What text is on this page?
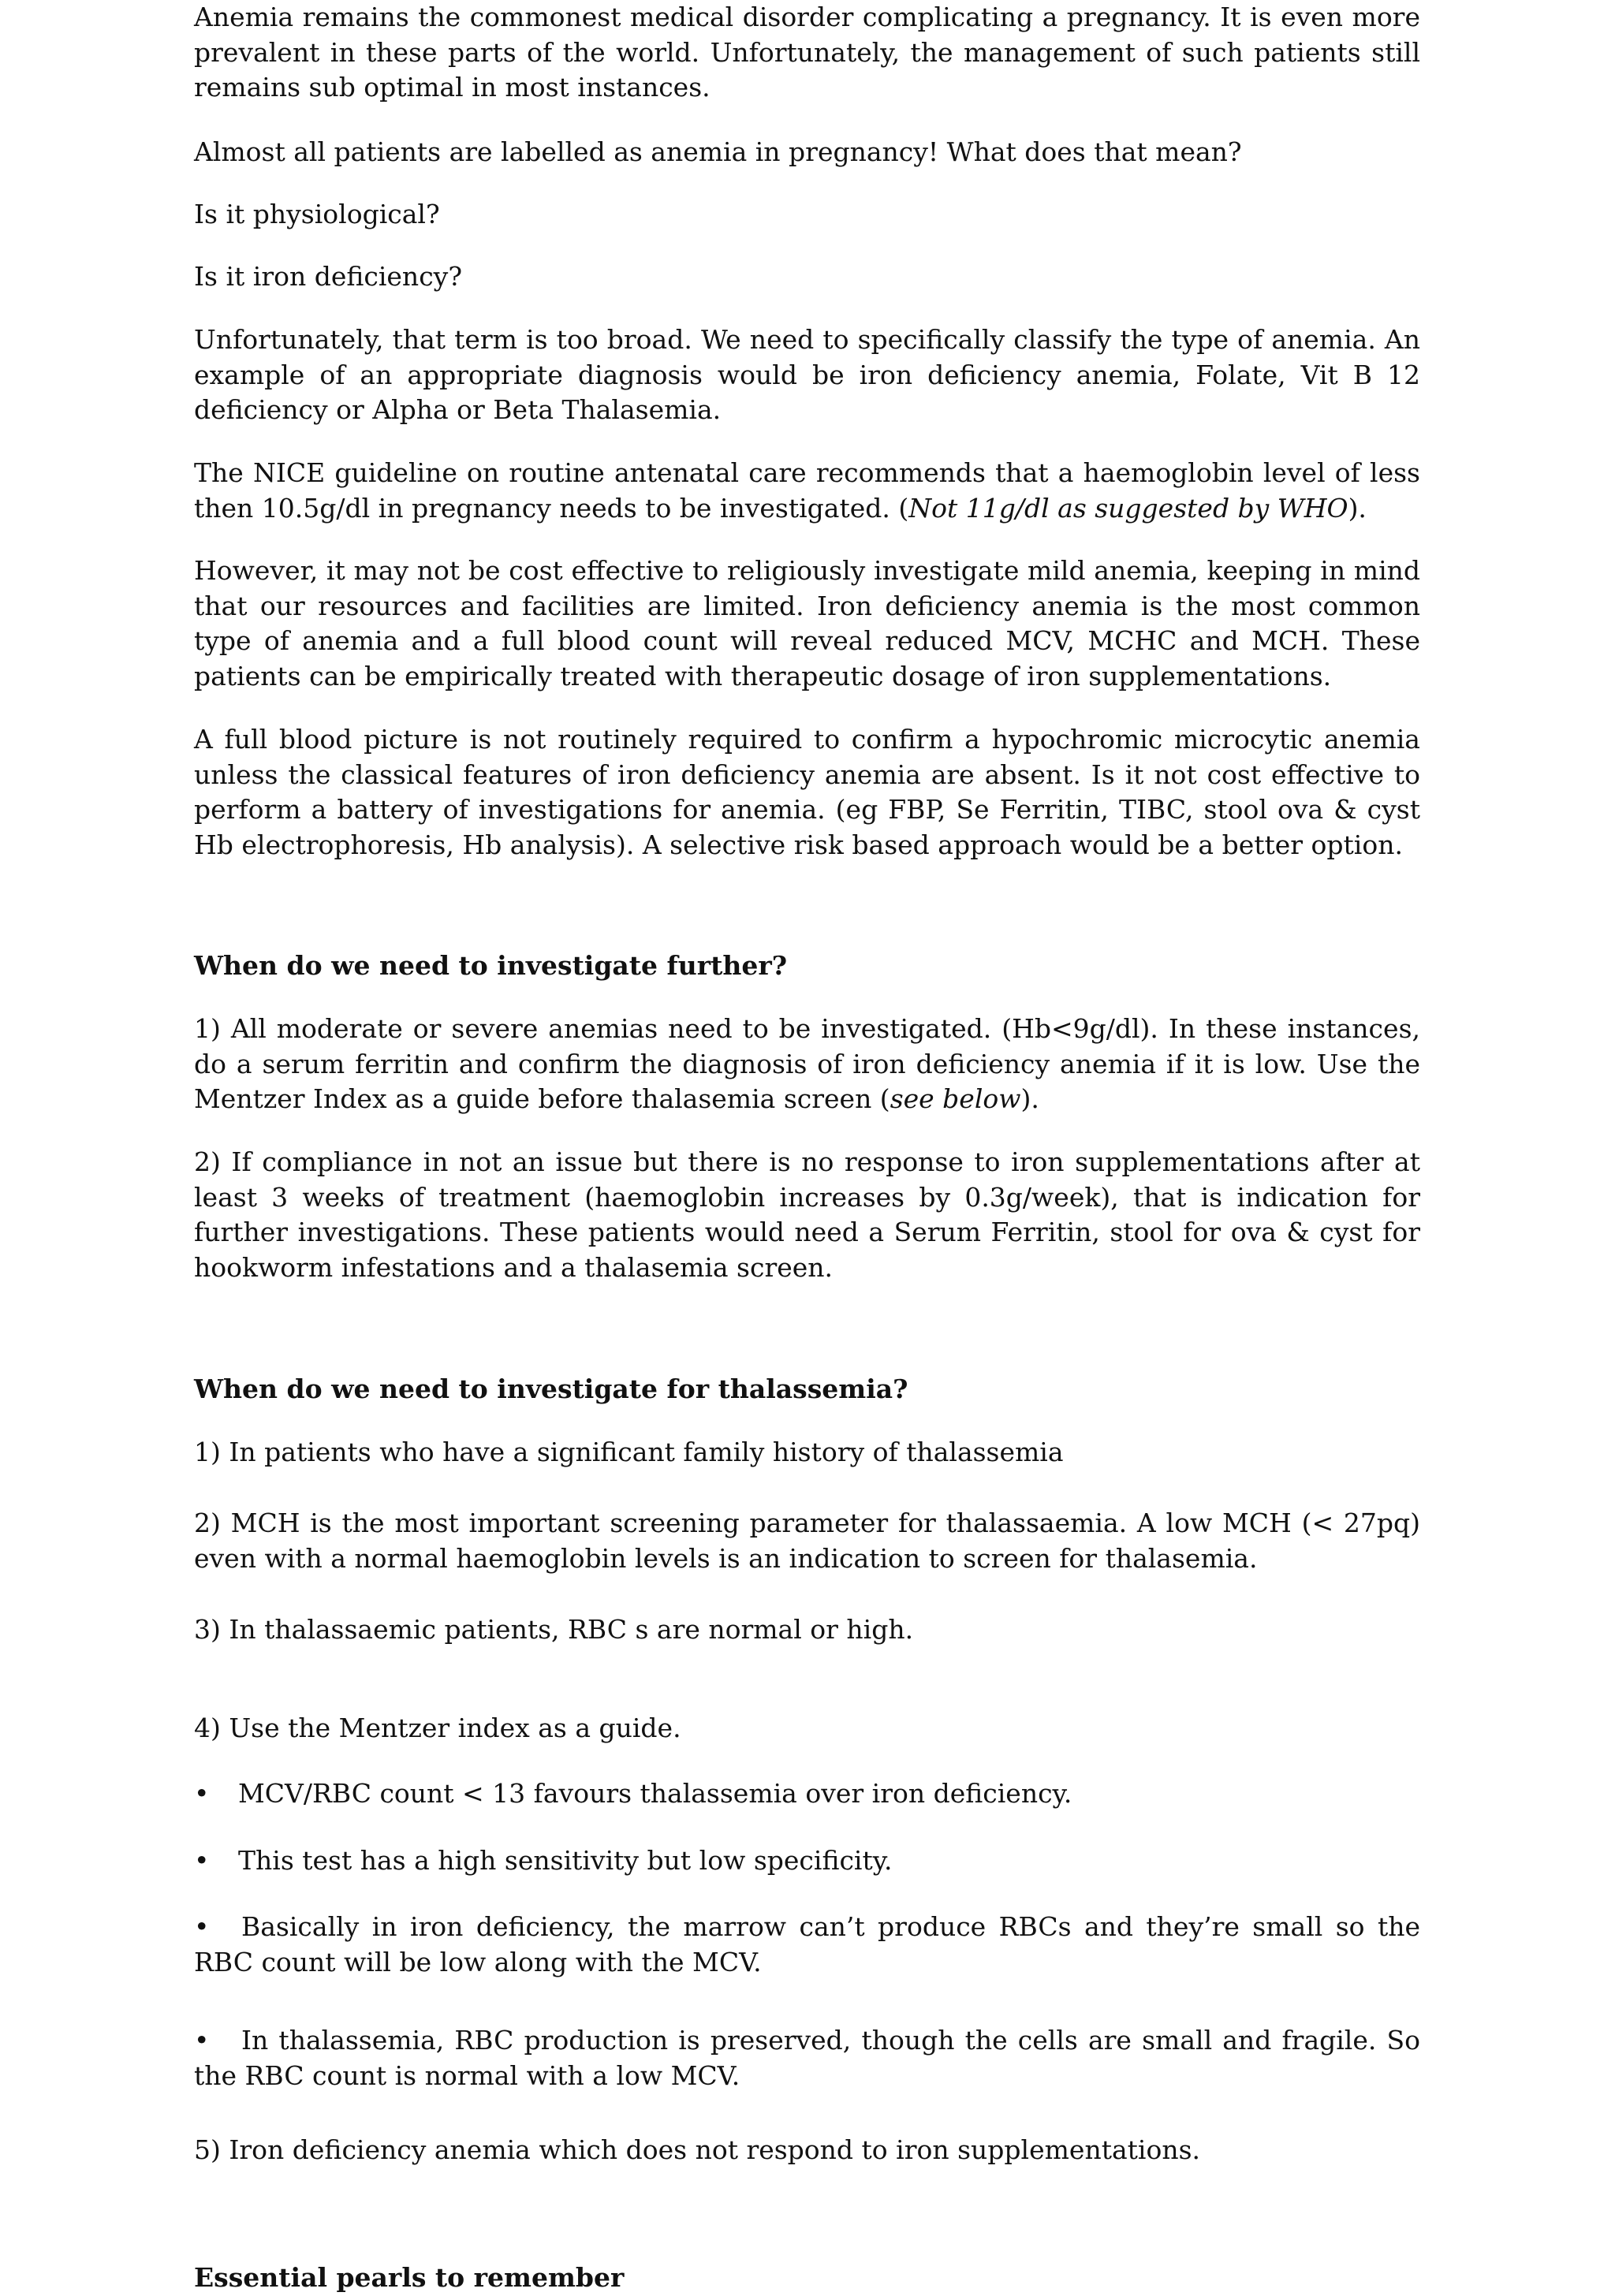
Anemia remains the commonest medical disorder complicating a pregnancy. It is even more prevalent in these parts of the world. Unfortunately, the management of such patients still remains sub optimal in most instances.

Almost all patients are labelled as anemia in pregnancy! What does that mean?

Is it physiological?

Is it iron deficiency?

Unfortunately, that term is too broad. We need to specifically classify the type of anemia. An example of an appropriate diagnosis would be iron deficiency anemia, Folate, Vit B 12 deficiency or Alpha or Beta Thalasemia.

The NICE guideline on routine antenatal care recommends that a haemoglobin level of less then 10.5g/dl in pregnancy needs to be investigated. (Not 11g/dl as suggested by WHO).

However, it may not be cost effective to religiously investigate mild anemia, keeping in mind that our resources and facilities are limited. Iron deficiency anemia is the most common type of anemia and a full blood count will reveal reduced MCV, MCHC and MCH. These patients can be empirically treated with therapeutic dosage of iron supplementations.

A full blood picture is not routinely required to confirm a hypochromic microcytic anemia unless the classical features of iron deficiency anemia are absent. Is it not cost effective to perform a battery of investigations for anemia. (eg FBP, Se Ferritin, TIBC, stool ova & cyst Hb electrophoresis, Hb analysis). A selective risk based approach would be a better option.

When do we need to investigate further?

1) All moderate or severe anemias need to be investigated. (Hb<9g/dl). In these instances, do a serum ferritin and confirm the diagnosis of iron deficiency anemia if it is low. Use the Mentzer Index as a guide before thalasemia screen (see below).

2) If compliance in not an issue but there is no response to iron supplementations after at least 3 weeks of treatment (haemoglobin increases by 0.3g/week), that is indication for further investigations. These patients would need a Serum Ferritin, stool for ova & cyst for hookworm infestations and a thalasemia screen.

When do we need to investigate for thalassemia?

1) In patients who have a significant family history of thalassemia

2) MCH is the most important screening parameter for thalassaemia. A low MCH (< 27pq) even with a normal haemoglobin levels is an indication to screen for thalasemia.

3) In thalassaemic patients, RBC s are normal or high.

4) Use the Mentzer index as a guide.

• MCV/RBC count < 13 favours thalassemia over iron deficiency.

• This test has a high sensitivity but low specificity.

• Basically in iron deficiency, the marrow can’t produce RBCs and they’re small so the RBC count will be low along with the MCV.

• In thalassemia, RBC production is preserved, though the cells are small and fragile. So the RBC count is normal with a low MCV.

5) Iron deficiency anemia which does not respond to iron supplementations.

Essential pearls to remember
